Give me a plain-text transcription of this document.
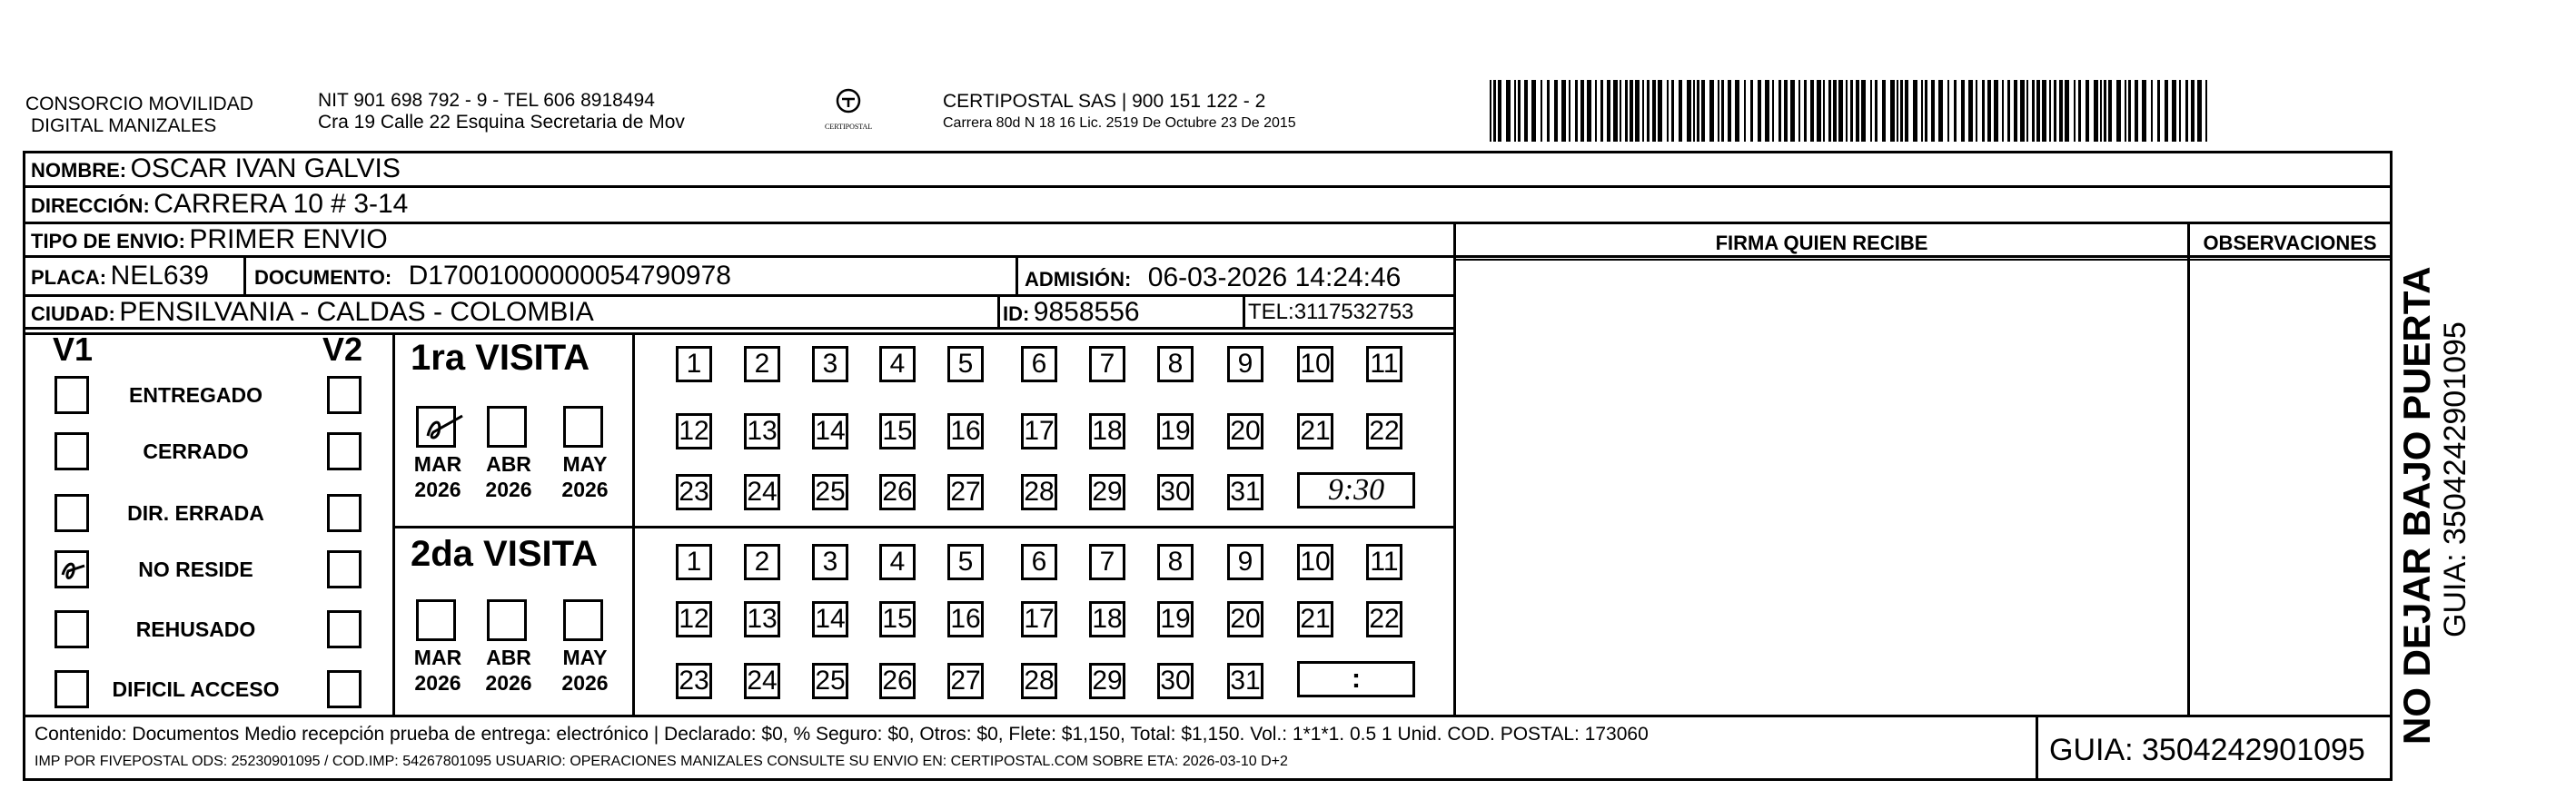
CONSORCIO MOVILIDAD
DIGITAL MANIZALES
NIT 901 698 792 - 9 - TEL 606 8918494
Cra 19 Calle 22 Esquina Secretaria de Mov	CERTIPOSTAL
CERTIPOSTAL SAS | 900 151 122 - 2
Carrera 80d N 18 16 Lic. 2519 De Octubre 23 De 2015
NOMBRE: OSCAR IVAN GALVIS
DIRECCIÓN: CARRERA 10 # 3-14
TIPO DE ENVIO: PRIMER ENVIO	FIRMA QUIEN RECIBE	OBSERVACIONES
PLACA: NEL639 DOCUMENTO: D17001000000054790978	ADMISIÓN: 06-03-2026 14:24:46
CIUDAD: PENSILVANIA - CALDAS - COLOMBIA	ID: 9858556	TEL:3117532753
V1	V2
ENTREGADO
CERRADO
DIR. ERRADA
NO RESIDE
REHUSADO
DIFICIL ACCESO
1ra VISITA
2da VISITA
1	2	3	4	5	6	7	8	9	10 11
12 13 14 15 16 17 18 19 20 21 22
23 24 25 26 27 28 29 30 31	9:30
MAR
2026
ABR
2026
MAY
2026
1	2	3	4	5	6	7	8	9	10 11
12 13 14 15 16 17 18 19 20 21 22
23 24 25 26 27 28 29 30 31	:
MAR
2026
ABR
2026
MAY
2026	NO DEJAR BAJO PUERTA GUIA: 3504242901095
Contenido: Documentos Medio recepción prueba de entrega: electrónico | Declarado: $0, % Seguro: $0, Otros: $0, Flete: $1,150, Total: $1,150. Vol.: 1*1*1. 0.5 1 Unid. COD. POSTAL: 173060
IMP POR FIVEPOSTAL ODS: 25230901095 / COD.IMP: 54267801095 USUARIO: OPERACIONES MANIZALES CONSULTE SU ENVIO EN: CERTIPOSTAL.COM SOBRE ETA: 2026-03-10 D+2	GUIA: 3504242901095
